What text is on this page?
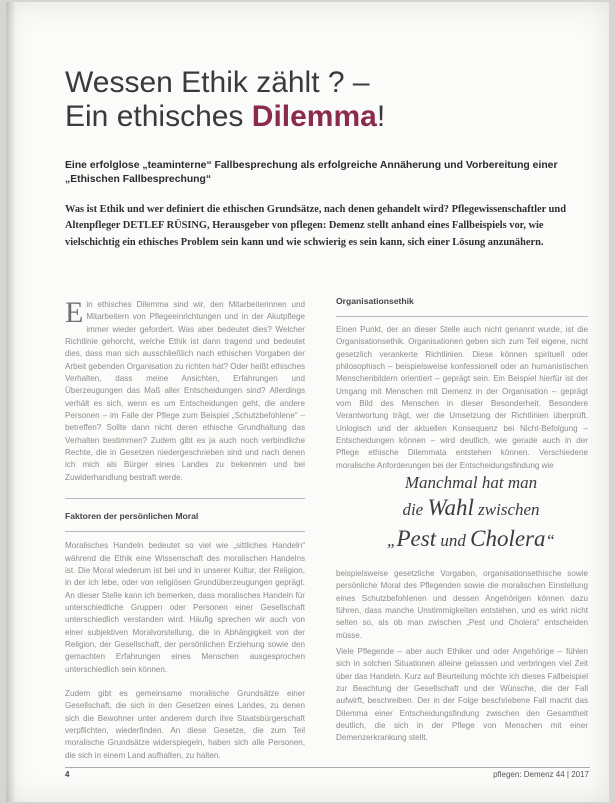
Wessen Ethik zählt ? –
Ein ethisches Dilemma!

Eine erfolglose „teaminterne“ Fallbesprechung als erfolgreiche Annäherung und Vorbereitung einer „Ethischen Fallbesprechung“

Was ist Ethik und wer definiert die ethischen Grundsätze, nach denen gehandelt wird? Pflegewissenschaftler und Altenpfleger DETLEF RÜSING, Herausgeber von pflegen: Demenz stellt anhand eines Fallbeispiels vor, wie vielschichtig ein ethisches Problem sein kann und wie schwierig es sein kann, sich einer Lösung anzunähern.

Ein ethisches Dilemma sind wir, den Mitarbeiterinnen und Mitarbeitern von Pflegeeinrichtungen und in der Akutpflege immer wieder gefordert. Was aber bedeutet dies? Welcher Richtlinie gehorcht, welche Ethik ist dann tragend und bedeutet dies, dass man sich ausschließlich nach ethischen Vorgaben der Arbeit gebenden Organisation zu richten hat? Oder heißt ethisches Verhalten, dass meine Ansichten, Erfahrungen und Überzeugungen das Maß aller Entscheidungen sind? Allerdings verhält es sich, wenn es um Entscheidungen geht, die andere Personen – im Falle der Pflege zum Beispiel „Schutzbefohlene“ – betreffen? Sollte dann nicht deren ethische Grundhaltung das Verhalten bestimmen? Zudem gibt es ja auch noch verbindliche Rechte, die in Gesetzen niedergeschrieben sind und nach denen ich mich als Bürger eines Landes zu bekennen und bei Zuwiderhandlung bestraft werde.

Faktoren der persönlichen Moral

Moralisches Handeln bedeutet so viel wie „sittliches Handeln“ während die Ethik eine Wissenschaft des moralischen Handelns ist. Die Moral wiederum ist bei und in unserer Kultur, der Religion, in der ich lebe, oder von religiösen Grundüberzeugungen geprägt. An dieser Stelle kann ich bemerken, dass moralisches Handeln für unterschiedliche Gruppen oder Personen einer Gesellschaft unterschiedlich verstanden wird. Häufig sprechen wir auch von einer subjektiven Moralvorstellung, die in Abhängigkeit von der Religion, der Gesellschaft, der persönlichen Erziehung sowie den gemachten Erfahrungen eines Menschen ausgesprochen unterschiedlich sein können.

Zudem gibt es gemeinsame moralische Grundsätze einer Gesellschaft, die sich in den Gesetzen eines Landes, zu denen sich die Bewohner unter anderem durch ihre Staatsbürgerschaft verpflichten, wiederfinden. An diese Gesetze, die zum Teil moralische Grundsätze widerspiegeln, haben sich alle Personen, die sich in einem Land aufhalten, zu halten.

Organisationsethik

Einen Punkt, der an dieser Stelle auch nicht genannt wurde, ist die Organisationsethik. Organisationen geben sich zum Teil eigene, nicht gesetzlich verankerte Richtlinien. Diese können spirituell oder philosophisch – beispielsweise konfessionell oder an humanistischen Menschenbildern orientiert – geprägt sein. Ein Beispiel hierfür ist der Umgang mit Menschen mit Demenz in der Organisation – geprägt vom Bild des Menschen in dieser Besonderheit. Besondere Verantwortung trägt, wer die Umsetzung der Richtlinien überprüft. Unlogisch und der aktuellen Konsequenz bei Nicht-Befolgung – Entscheidungen können – wird deutlich, wie gerade auch in der Pflege ethische Dilemmata entstehen können. Verschiedene moralische Anforderungen bei der Entscheidungsfindung wie

Manchmal hat man
die Wahl zwischen
„Pest und Cholera“

beispielsweise gesetzliche Vorgaben, organisationsethische sowie persönliche Moral des Pflegenden sowie die moralischen Einstellung eines Schutzbefohlenen und dessen Angehörigen können dazu führen, dass manche Unstimmigkeiten entstehen, und es wirkt nicht selten so, als ob man zwischen „Pest und Cholera“ entscheiden müsse.

Viele Pflegende – aber auch Ethiker und oder Angehörige – fühlen sich in solchen Situationen alleine gelassen und verbringen viel Zeit über das Handeln. Kurz auf Beurteilung möchte ich dieses Fallbeispiel zur Beachtung der Gesellschaft und der Wünsche, die der Fall aufwirft, beschreiben. Der in der Folge beschriebene Fall macht das Dilemma einer Entscheidungsfindung zwischen den Gesamtheit deutlich, die sich in der Pflege von Menschen mit einer Demenzerkrankung stellt.

4	pflegen: Demenz 44 | 2017
